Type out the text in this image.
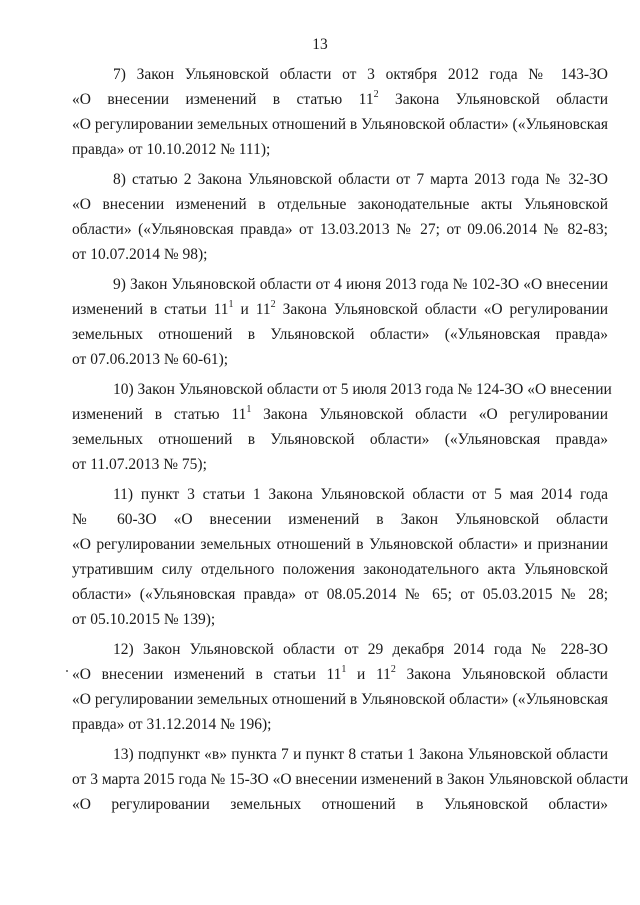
13
7) Закон Ульяновской области от 3 октября 2012 года № 143-ЗО
«О внесении изменений в статью $11^2$ Закона Ульяновской области
«О регулировании земельных отношений в Ульяновской области» («Ульяновская
правда» от 10.10.2012 № 111);
8) статью 2 Закона Ульяновской области от 7 марта 2013 года № 32-ЗО
«О внесении изменений в отдельные законодательные акты Ульяновской
области» («Ульяновская правда» от 13.03.2013 № 27; от 09.06.2014 № 82-83;
от 10.07.2014 № 98);
9) Закон Ульяновской области от 4 июня 2013 года № 102-ЗО «О внесении
изменений в статьи $11^1$ и $11^2$ Закона Ульяновской области «О регулировании
земельных отношений в Ульяновской области» («Ульяновская правда»
от 07.06.2013 № 60-61);
10) Закон Ульяновской области от 5 июля 2013 года № 124-ЗО «О внесении
изменений в статью $11^1$ Закона Ульяновской области «О регулировании
земельных отношений в Ульяновской области» («Ульяновская правда»
от 11.07.2013 № 75);
11) пункт 3 статьи 1 Закона Ульяновской области от 5 мая 2014 года
№ 60-ЗО «О внесении изменений в Закон Ульяновской области
«О регулировании земельных отношений в Ульяновской области» и признании
утратившим силу отдельного положения законодательного акта Ульяновской
области» («Ульяновская правда» от 08.05.2014 № 65; от 05.03.2015 № 28;
от 05.10.2015 № 139);
12) Закон Ульяновской области от 29 декабря 2014 года № 228-ЗО
«О внесении изменений в статьи $11^1$ и $11^2$ Закона Ульяновской области
«О регулировании земельных отношений в Ульяновской области» («Ульяновская
правда» от 31.12.2014 № 196);
13) подпункт «в» пункта 7 и пункт 8 статьи 1 Закона Ульяновской области
от 3 марта 2015 года № 15-ЗО «О внесении изменений в Закон Ульяновской области
«О регулировании земельных отношений в Ульяновской области»
